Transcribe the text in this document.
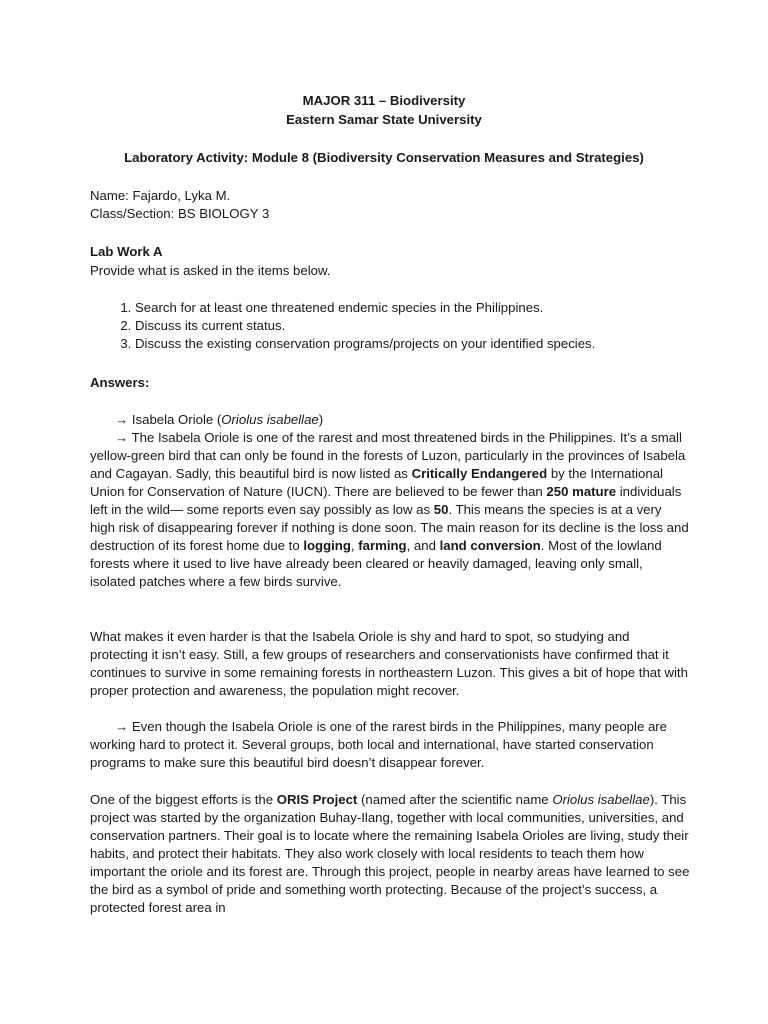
MAJOR 311 – Biodiversity
Eastern Samar State University
Laboratory Activity: Module 8 (Biodiversity Conservation Measures and Strategies)
Name: Fajardo, Lyka M.
Class/Section: BS BIOLOGY 3
Lab Work A
Provide what is asked in the items below.
1. Search for at least one threatened endemic species in the Philippines.
2. Discuss its current status.
3. Discuss the existing conservation programs/projects on your identified species.
Answers:
→ Isabela Oriole (Oriolus isabellae)
→ The Isabela Oriole is one of the rarest and most threatened birds in the Philippines. It’s a small yellow-green bird that can only be found in the forests of Luzon, particularly in the provinces of Isabela and Cagayan. Sadly, this beautiful bird is now listed as Critically Endangered by the International Union for Conservation of Nature (IUCN). There are believed to be fewer than 250 mature individuals left in the wild— some reports even say possibly as low as 50. This means the species is at a very high risk of disappearing forever if nothing is done soon. The main reason for its decline is the loss and destruction of its forest home due to logging, farming, and land conversion. Most of the lowland forests where it used to live have already been cleared or heavily damaged, leaving only small, isolated patches where a few birds survive.
What makes it even harder is that the Isabela Oriole is shy and hard to spot, so studying and protecting it isn’t easy. Still, a few groups of researchers and conservationists have confirmed that it continues to survive in some remaining forests in northeastern Luzon. This gives a bit of hope that with proper protection and awareness, the population might recover.
→ Even though the Isabela Oriole is one of the rarest birds in the Philippines, many people are working hard to protect it. Several groups, both local and international, have started conservation programs to make sure this beautiful bird doesn’t disappear forever.
One of the biggest efforts is the ORIS Project (named after the scientific name Oriolus isabellae). This project was started by the organization Buhay-Ilang, together with local communities, universities, and conservation partners. Their goal is to locate where the remaining Isabela Orioles are living, study their habits, and protect their habitats. They also work closely with local residents to teach them how important the oriole and its forest are. Through this project, people in nearby areas have learned to see the bird as a symbol of pride and something worth protecting. Because of the project’s success, a protected forest area in
